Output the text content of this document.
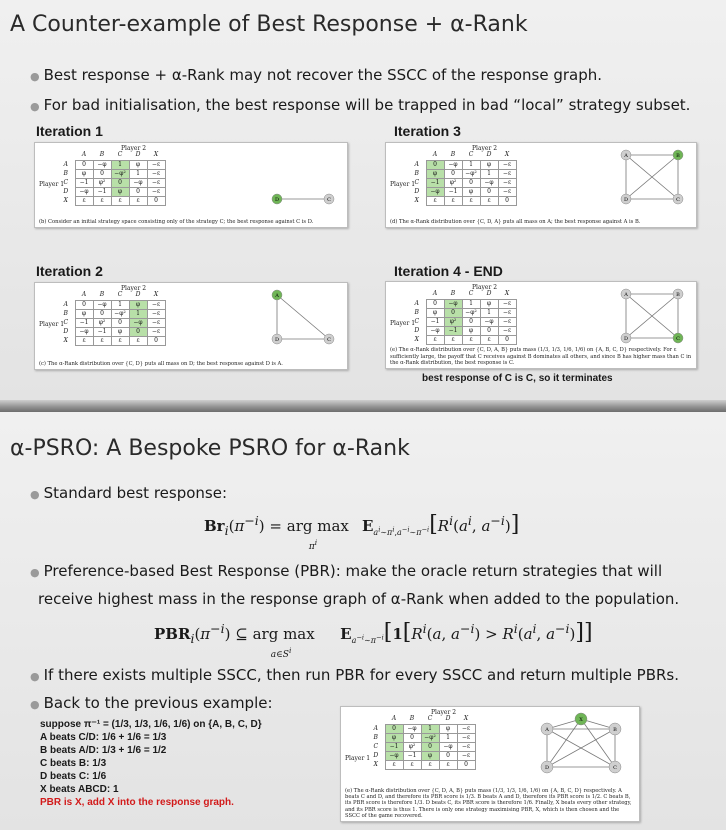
A Counter-example of Best Response + α-Rank
● Best response + α-Rank may not recover the SSCC of the response graph.
● For bad initialisation, the best response will be trapped in bad “local” strategy subset.
Iteration 1	Iteration 3
Iteration 2	Iteration 4 - END
Player 2
Player 1
	A	B	C	D	X
A	0	−φ	1	φ	−ε
B	φ	0	−φ²	1	−ε
C	−1	φ²	0	−φ	−ε
D	−φ	−1	φ	0	−ε
X	ε	ε	ε	ε	0	C
D
(b) Consider an initial strategy space consisting only of the strategy C; the best response against C is D.
Player 2
Player 1
	A	B	C	D	X
A	0	−φ	1	φ	−ε
B	φ	0	−φ²	1	−ε
C	−1	φ²	0	−φ	−ε
D	−φ	−1	φ	0	−ε
X	ε	ε	ε	ε	0
A	B
C
D
(d) The α-Rank distribution over {C, D, A} puts all mass on A; the best response against A is B.
Player 2
Player 1
	A	B	C	D	X
A	0	−φ	1	φ	−ε
B	φ	0	−φ²	1	−ε
C	−1	φ²	0	−φ	−ε
D	−φ	−1	φ	0	−ε
X	ε	ε	ε	ε	0
A
C
D
(c) The α-Rank distribution over {C, D} puts all mass on D; the best response against D is A.
Player 2
Player 1
	A	B	C	D	X
A	0	−φ	1	φ	−ε
B	φ	0	−φ²	1	−ε
C	−1	φ²	0	−φ	−ε
D	−φ	−1	φ	0	−ε
X	ε	ε	ε	ε	0
A	B
C
D
(e) The α-Rank distribution over {C, D, A, B} puts mass (1/3, 1/3, 1/6, 1/6) on {A, B, C, D} respectively. For ε sufficiently large, the payoff that C receives against B dominates all others, and since B has higher mass than C in the α-Rank distribution, the best response is C.
best response of C is C, so it terminates
α-PSRO: A Bespoke PSRO for α-Rank
● Standard best response:
$Br_i(\pi^{-i})$ = arg $\max_{\pi^i} E_{a^i\sim\pi^i,a^{-i}\sim\pi^{-i}}[R^i(a^i$, $a^{-i}$)]
● Preference-based Best Response (PBR): make the oracle return strategies that will
receive highest mass in the response graph of α-Rank when added to the population.
$PBR_i(\pi^{-i})$ ⊆ arg $\max_{a\in S^i} E_{a^{-i}\sim\pi^{-i}}[1[R^i(a$, $a^{-i}) > R^i(a^i$, $a^{-i}$)]]
● If there exists multiple SSCC, then run PBR for every SSCC and return multiple PBRs.
● Back to the previous example:
suppose π⁻¹ = (1/3, 1/3, 1/6, 1/6) on {A, B, C, D}
A beats C/D: 1/6 + 1/6 = 1/3
B beats A/D: 1/3 + 1/6 = 1/2
C beats B: 1/3
D beats C: 1/6
X beats ABCD: 1
PBR is X, add X into the response graph.
Player 2
Player 1
	A	B	C	D	X
A	0	−φ	1	φ	−ε
B	φ	0	−φ²	1	−ε
C	−1	φ²	0	−φ	−ε
D	−φ	−1	φ	0	−ε
X	ε	ε	ε	ε	0
A	B
C
D
X
(e) The α-Rank distribution over {C, D, A, B} puts mass (1/3, 1/3, 1/6, 1/6) on {A, B, C, D} respectively. A beats C and D, and therefore its PBR score is 1/3. B beats A and D, therefore its PBR score is 1/2. C beats B, its PBR score is therefore 1/3. D beats C, its PBR score is therefore 1/6. Finally, X beats every other strategy, and its PBR score is thus 1. There is only one strategy maximising PBR, X, which is then chosen and the SSCC of the game recovered.
